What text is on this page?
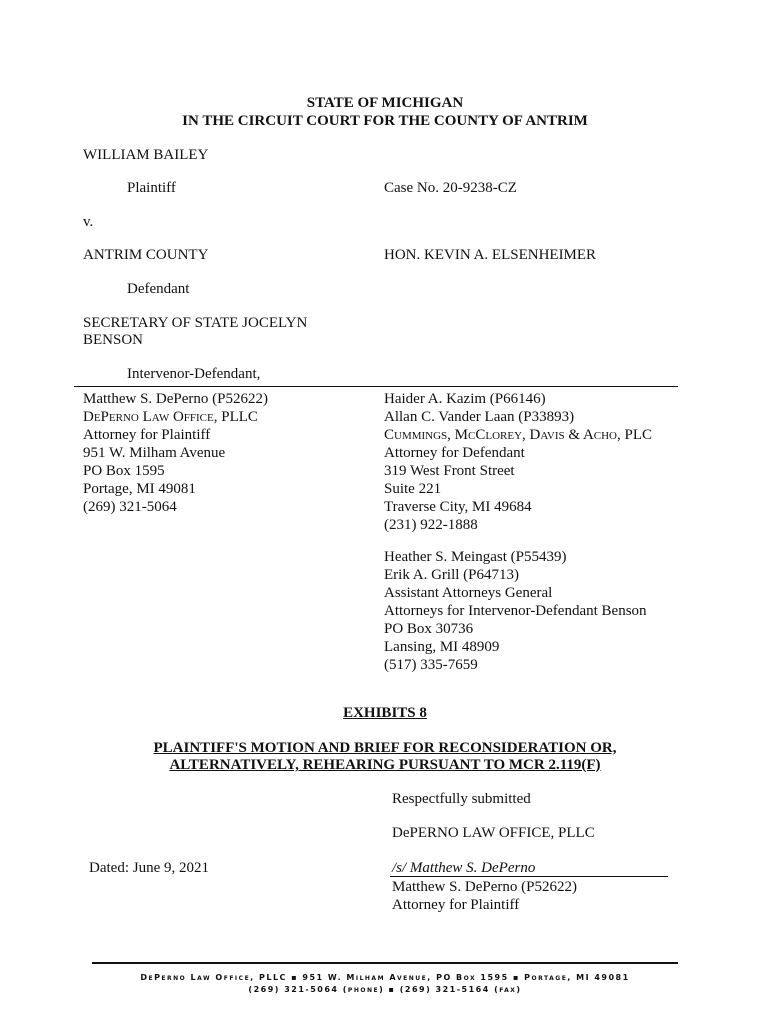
STATE OF MICHIGAN
IN THE CIRCUIT COURT FOR THE COUNTY OF ANTRIM
WILLIAM BAILEY
Plaintiff	Case No. 20-9238-CZ
v.
ANTRIM COUNTY	HON. KEVIN A. ELSENHEIMER
Defendant
SECRETARY OF STATE JOCELYN
BENSON
Intervenor-Defendant,
Matthew S. DePerno (P52622)
DePerno Law Office, PLLC
Attorney for Plaintiff
951 W. Milham Avenue
PO Box 1595
Portage, MI 49081
(269) 321-5064
Haider A. Kazim (P66146)
Allan C. Vander Laan (P33893)
Cummings, McClorey, Davis & Acho, PLC
Attorney for Defendant
319 West Front Street
Suite 221
Traverse City, MI 49684
(231) 922-1888
Heather S. Meingast (P55439)
Erik A. Grill (P64713)
Assistant Attorneys General
Attorneys for Intervenor-Defendant Benson
PO Box 30736
Lansing, MI 48909
(517) 335-7659
EXHIBITS 8
PLAINTIFF'S MOTION AND BRIEF FOR RECONSIDERATION OR,
ALTERNATIVELY, REHEARING PURSUANT TO MCR 2.119(F)
Respectfully submitted
DePERNO LAW OFFICE, PLLC
Dated: June 9, 2021	/s/ Matthew S. DePerno
Matthew S. DePerno (P52622)
Attorney for Plaintiff
DePerno Law Office, PLLC ▪ 951 W. Milham Avenue, PO Box 1595 ▪ Portage, MI 49081
(269) 321-5064 (phone) ▪ (269) 321-5164 (fax)
